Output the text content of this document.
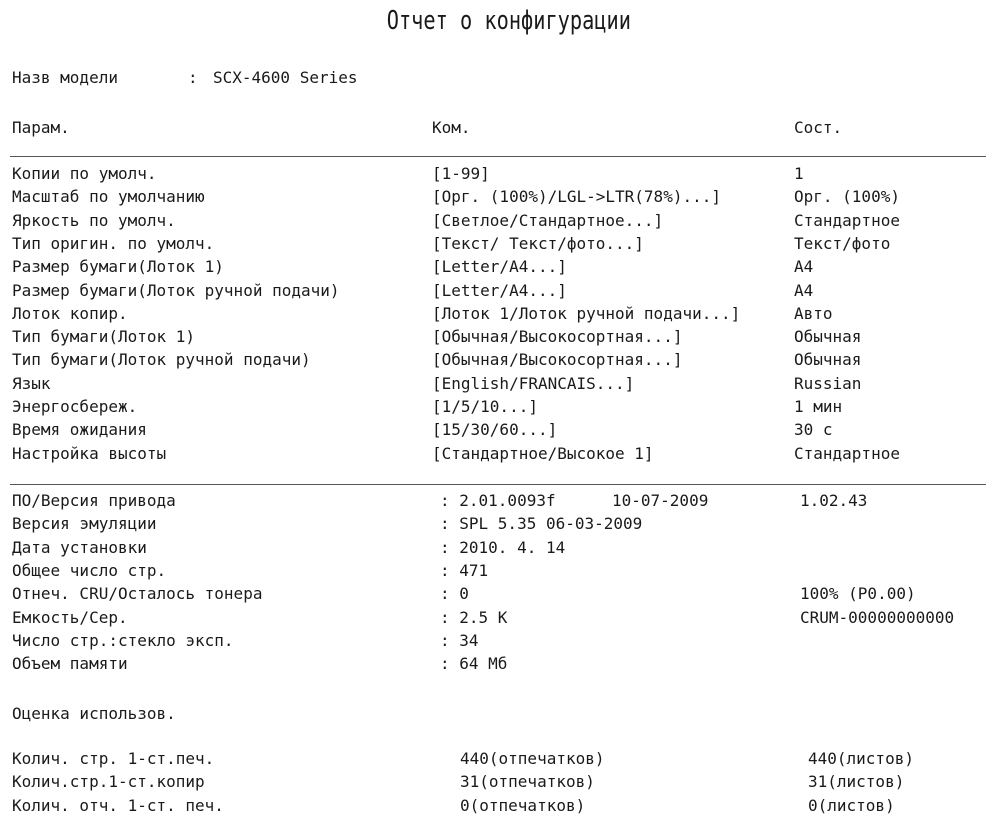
Отчет о конфигурации
Назв модели	: SCX-4600 Series
Парам.	Ком.	Сост.
Оценка использов.
Копии по умолч.	[1-99]	1
Масштаб по умолчанию	[Орг. (100%)/LGL->LTR(78%)...]	Орг. (100%)
Яркость по умолч.	[Светлое/Стандартное...]	Стандартное
Тип оригин. по умолч.	[Текст/ Текст/фото...]	Текст/фото
Размер бумаги(Лоток 1)	[Letter/A4...]	A4
Размер бумаги(Лоток ручной подачи)	[Letter/A4...]	A4
Лоток копир.	[Лоток 1/Лоток ручной подачи...]	Авто
Тип бумаги(Лоток 1)	[Обычная/Высокосортная...]	Обычная
Тип бумаги(Лоток ручной подачи)	[Обычная/Высокосортная...]	Обычная
Язык	[English/FRANCAIS...]	Russian
Энергосбереж.	[1/5/10...]	1 мин
Время ожидания	[15/30/60...]	30 с
Настройка высоты	[Стандартное/Высокое 1]	Стандартное
ПО/Версия привода	: 2.01.0093f	10-07-2009	1.02.43
Версия эмуляции	: SPL 5.35 06-03-2009
Дата установки	: 2010. 4. 14
Общее число стр.	: 471
Отнеч. CRU/Осталось тонера	: 0	100% (P0.00)
Емкость/Сер.	: 2.5 K	CRUM-00000000000
Число стр.:стекло эксп.	: 34
Объем памяти	: 64 Мб
Колич. стр. 1-ст.печ.	440(отпечатков)	440(листов)
Колич.стр.1-ст.копир	31(отпечатков)	31(листов)
Колич. отч. 1-ст. печ.	0(отпечатков)	0(листов)
